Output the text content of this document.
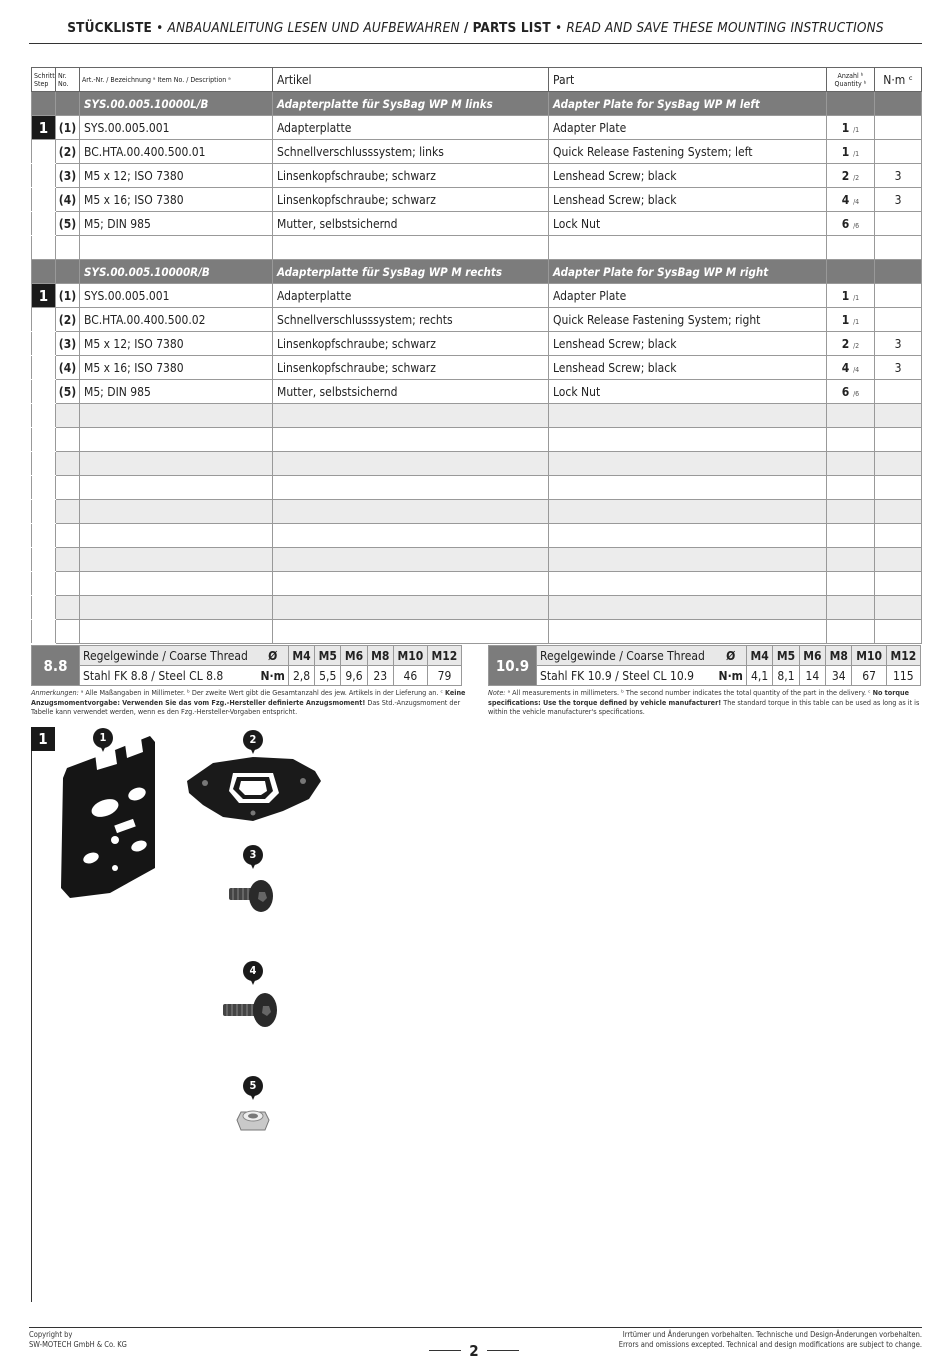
STÜCKLISTE • ANBAUANLEITUNG LESEN UND AUFBEWAHREN / PARTS LIST • READ AND SAVE THESE MOUNTING INSTRUCTIONS
Schritt Step	Nr. No.	Art.-Nr. / Bezeichnung ᵃ Item No. / Description ᵃ	Artikel	Part	Anzahl ᵇ Quantity ᵇ	N·m ᶜ
		SYS.00.005.10000L/B	Adapterplatte für SysBag WP M links	Adapter Plate for SysBag WP M left		
1	(1)	SYS.00.005.001	Adapterplatte	Adapter Plate	1 /1	
	(2)	BC.HTA.00.400.500.01	Schnellverschlusssystem; links	Quick Release Fastening System; left	1 /1	
	(3)	M5 x 12; ISO 7380	Linsenkopfschraube; schwarz	Lenshead Screw; black	2 /2	3
	(4)	M5 x 16; ISO 7380	Linsenkopfschraube; schwarz	Lenshead Screw; black	4 /4	3
	(5)	M5; DIN 985	Mutter, selbstsichernd	Lock Nut	6 /6	

		SYS.00.005.10000R/B	Adapterplatte für SysBag WP M rechts	Adapter Plate for SysBag WP M right		
1	(1)	SYS.00.005.001	Adapterplatte	Adapter Plate	1 /1	
	(2)	BC.HTA.00.400.500.02	Schnellverschlusssystem; rechts	Quick Release Fastening System; right	1 /1	
	(3)	M5 x 12; ISO 7380	Linsenkopfschraube; schwarz	Lenshead Screw; black	2 /2	3
	(4)	M5 x 16; ISO 7380	Linsenkopfschraube; schwarz	Lenshead Screw; black	4 /4	3
	(5)	M5; DIN 985	Mutter, selbstsichernd	Lock Nut	6 /6	

8.8	Regelgewinde / Coarse Thread	Ø	M4	M5	M6	M8	M10	M12
	Stahl FK 8.8 / Steel CL 8.8	N·m	2,8	5,5	9,6	23	46	79
10.9	Regelgewinde / Coarse Thread	Ø	M4	M5	M6	M8	M10	M12
	Stahl FK 10.9 / Steel CL 10.9	N·m	4,1	8,1	14	34	67	115
Anmerkungen: ᵃ Alle Maßangaben in Millimeter. ᵇ Der zweite Wert gibt die Gesamtanzahl des jew. Artikels in der Lieferung an. ᶜ Keine Anzugsmomentvorgabe: Verwenden Sie das vom Fzg.-Hersteller definierte Anzugsmoment! Das Std.-Anzugsmoment der Tabelle kann verwendet werden, wenn es den Fzg.-Hersteller-Vorgaben entspricht.
Note: ᵃ All measurements in millimeters. ᵇ The second number indicates the total quantity of the part in the delivery. ᶜ No torque specifications: Use the torque defined by vehicle manufacturer! The standard torque in this table can be used as long as it is within the vehicle manufacturer's specifications.
1	1	2
3
4
5
Copyright by
SW-MOTECH GmbH & Co. KG	2
Irrtümer und Änderungen vorbehalten. Technische und Design-Änderungen vorbehalten.
Errors and omissions excepted. Technical and design modifications are subject to change.
